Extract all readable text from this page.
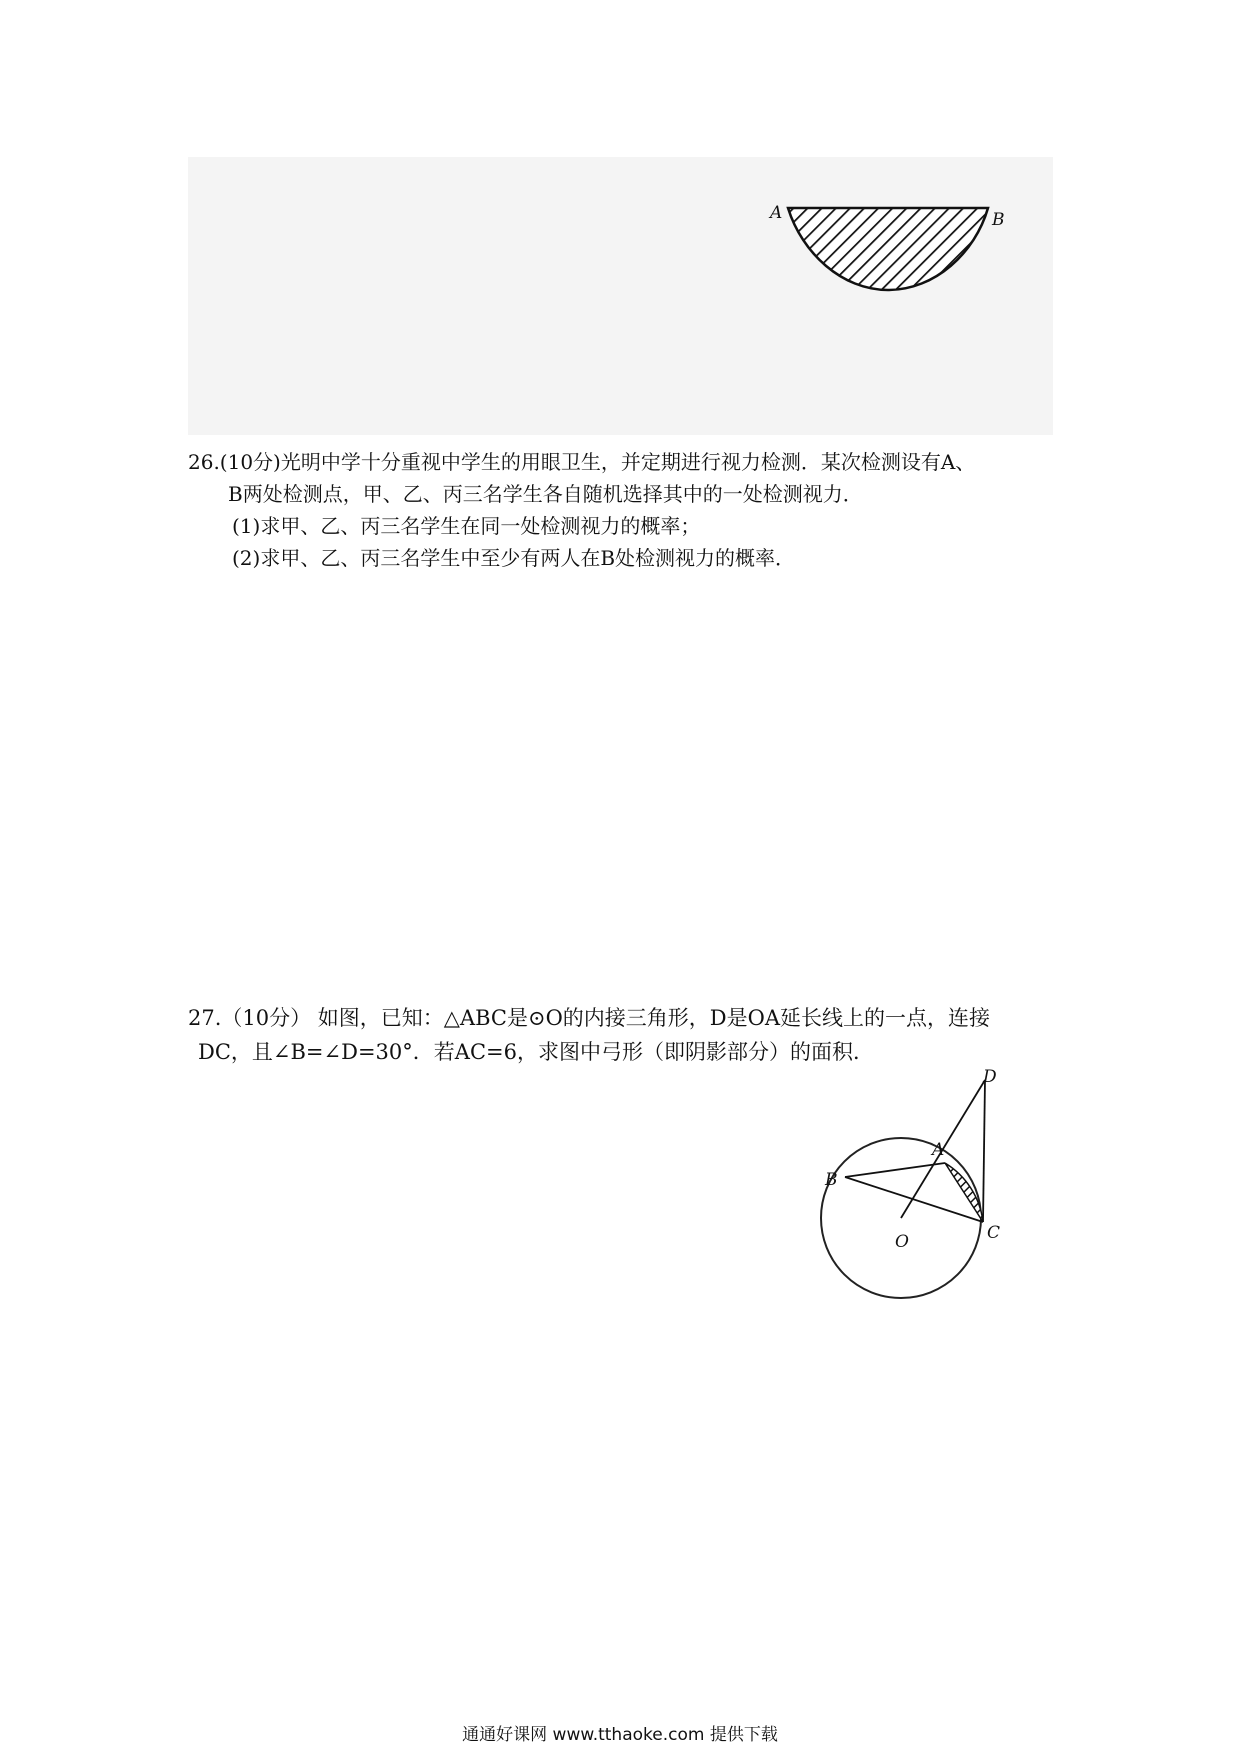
A	B
26.(10分)光明中学十分重视中学生的用眼卫生，并定期进行视力检测．某次检测设有A、
B两处检测点，甲、乙、丙三名学生各自随机选择其中的一处检测视力．
(1)求甲、乙、丙三名学生在同一处检测视力的概率；
(2)求甲、乙、丙三名学生中至少有两人在B处检测视力的概率．
27.（10分） 如图，已知：△ABC是⊙O的内接三角形，D是OA延长线上的一点，连接
DC，且∠B=∠D=30°．若AC=6，求图中弓形（即阴影部分）的面积．
D
A
B
C
O
通通好课网 www.tthaoke.com 提供下载
